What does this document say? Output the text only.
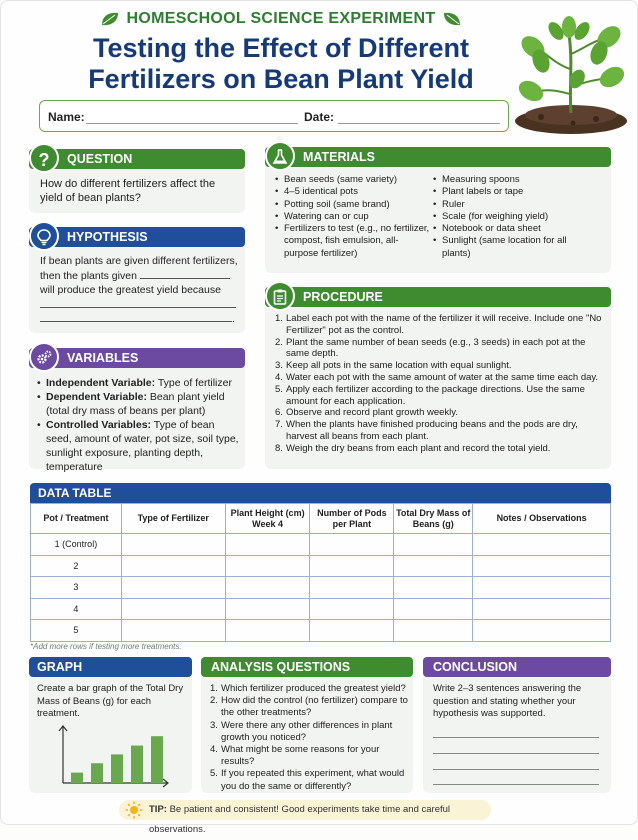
HOMESCHOOL SCIENCE EXPERIMENT
Testing the Effect of Different
Fertilizers on Bean Plant Yield
Name:	Date:
QUESTION
?
How do different fertilizers affect the yield of bean plants?
HYPOTHESIS
If bean plants are given different fertilizers,
then the plants given
will produce the greatest yield because
.
VARIABLES
• Independent Variable: Type of fertilizer
• Dependent Variable: Bean plant yield (total dry mass of beans per plant)
• Controlled Variables: Type of bean seed, amount of water, pot size, soil type, sunlight exposure, planting depth, temperature
MATERIALS
• Bean seeds (same variety)
• 4–5 identical pots
• Potting soil (same brand)
• Watering can or cup
• Fertilizers to test (e.g., no fertilizer, compost, fish emulsion, all-purpose fertilizer)
• Measuring spoons
• Plant labels or tape
• Ruler
• Scale (for weighing yield)
• Notebook or data sheet
• Sunlight (same location for all plants)
PROCEDURE
1. Label each pot with the name of the fertilizer it will receive. Include one "No Fertilizer" pot as the control.
2. Plant the same number of bean seeds (e.g., 3 seeds) in each pot at the same depth.
3. Keep all pots in the same location with equal sunlight.
4. Water each pot with the same amount of water at the same time each day.
5. Apply each fertilizer according to the package directions. Use the same amount for each application.
6. Observe and record plant growth weekly.
7. When the plants have finished producing beans and the pods are dry, harvest all beans from each plant.
8. Weigh the dry beans from each plant and record the total yield.
DATA TABLE
Pot / Treatment	Type of Fertilizer	Plant Height (cm) Week 4	Number of Pods per Plant	Total Dry Mass of Beans (g)	Notes / Observations
1 (Control)					
2					
3					
4					
5					
*Add more rows if testing more treatments.
GRAPH
Create a bar graph of the Total Dry Mass of Beans (g) for each treatment.
ANALYSIS QUESTIONS
1. Which fertilizer produced the greatest yield?
2. How did the control (no fertilizer) compare to the other treatments?
3. Were there any other differences in plant growth you noticed?
4. What might be some reasons for your results?
5. If you repeated this experiment, what would you do the same or differently?
CONCLUSION
Write 2–3 sentences answering the question and stating whether your hypothesis was supported.
TIP: Be patient and consistent! Good experiments take time and careful observations.
